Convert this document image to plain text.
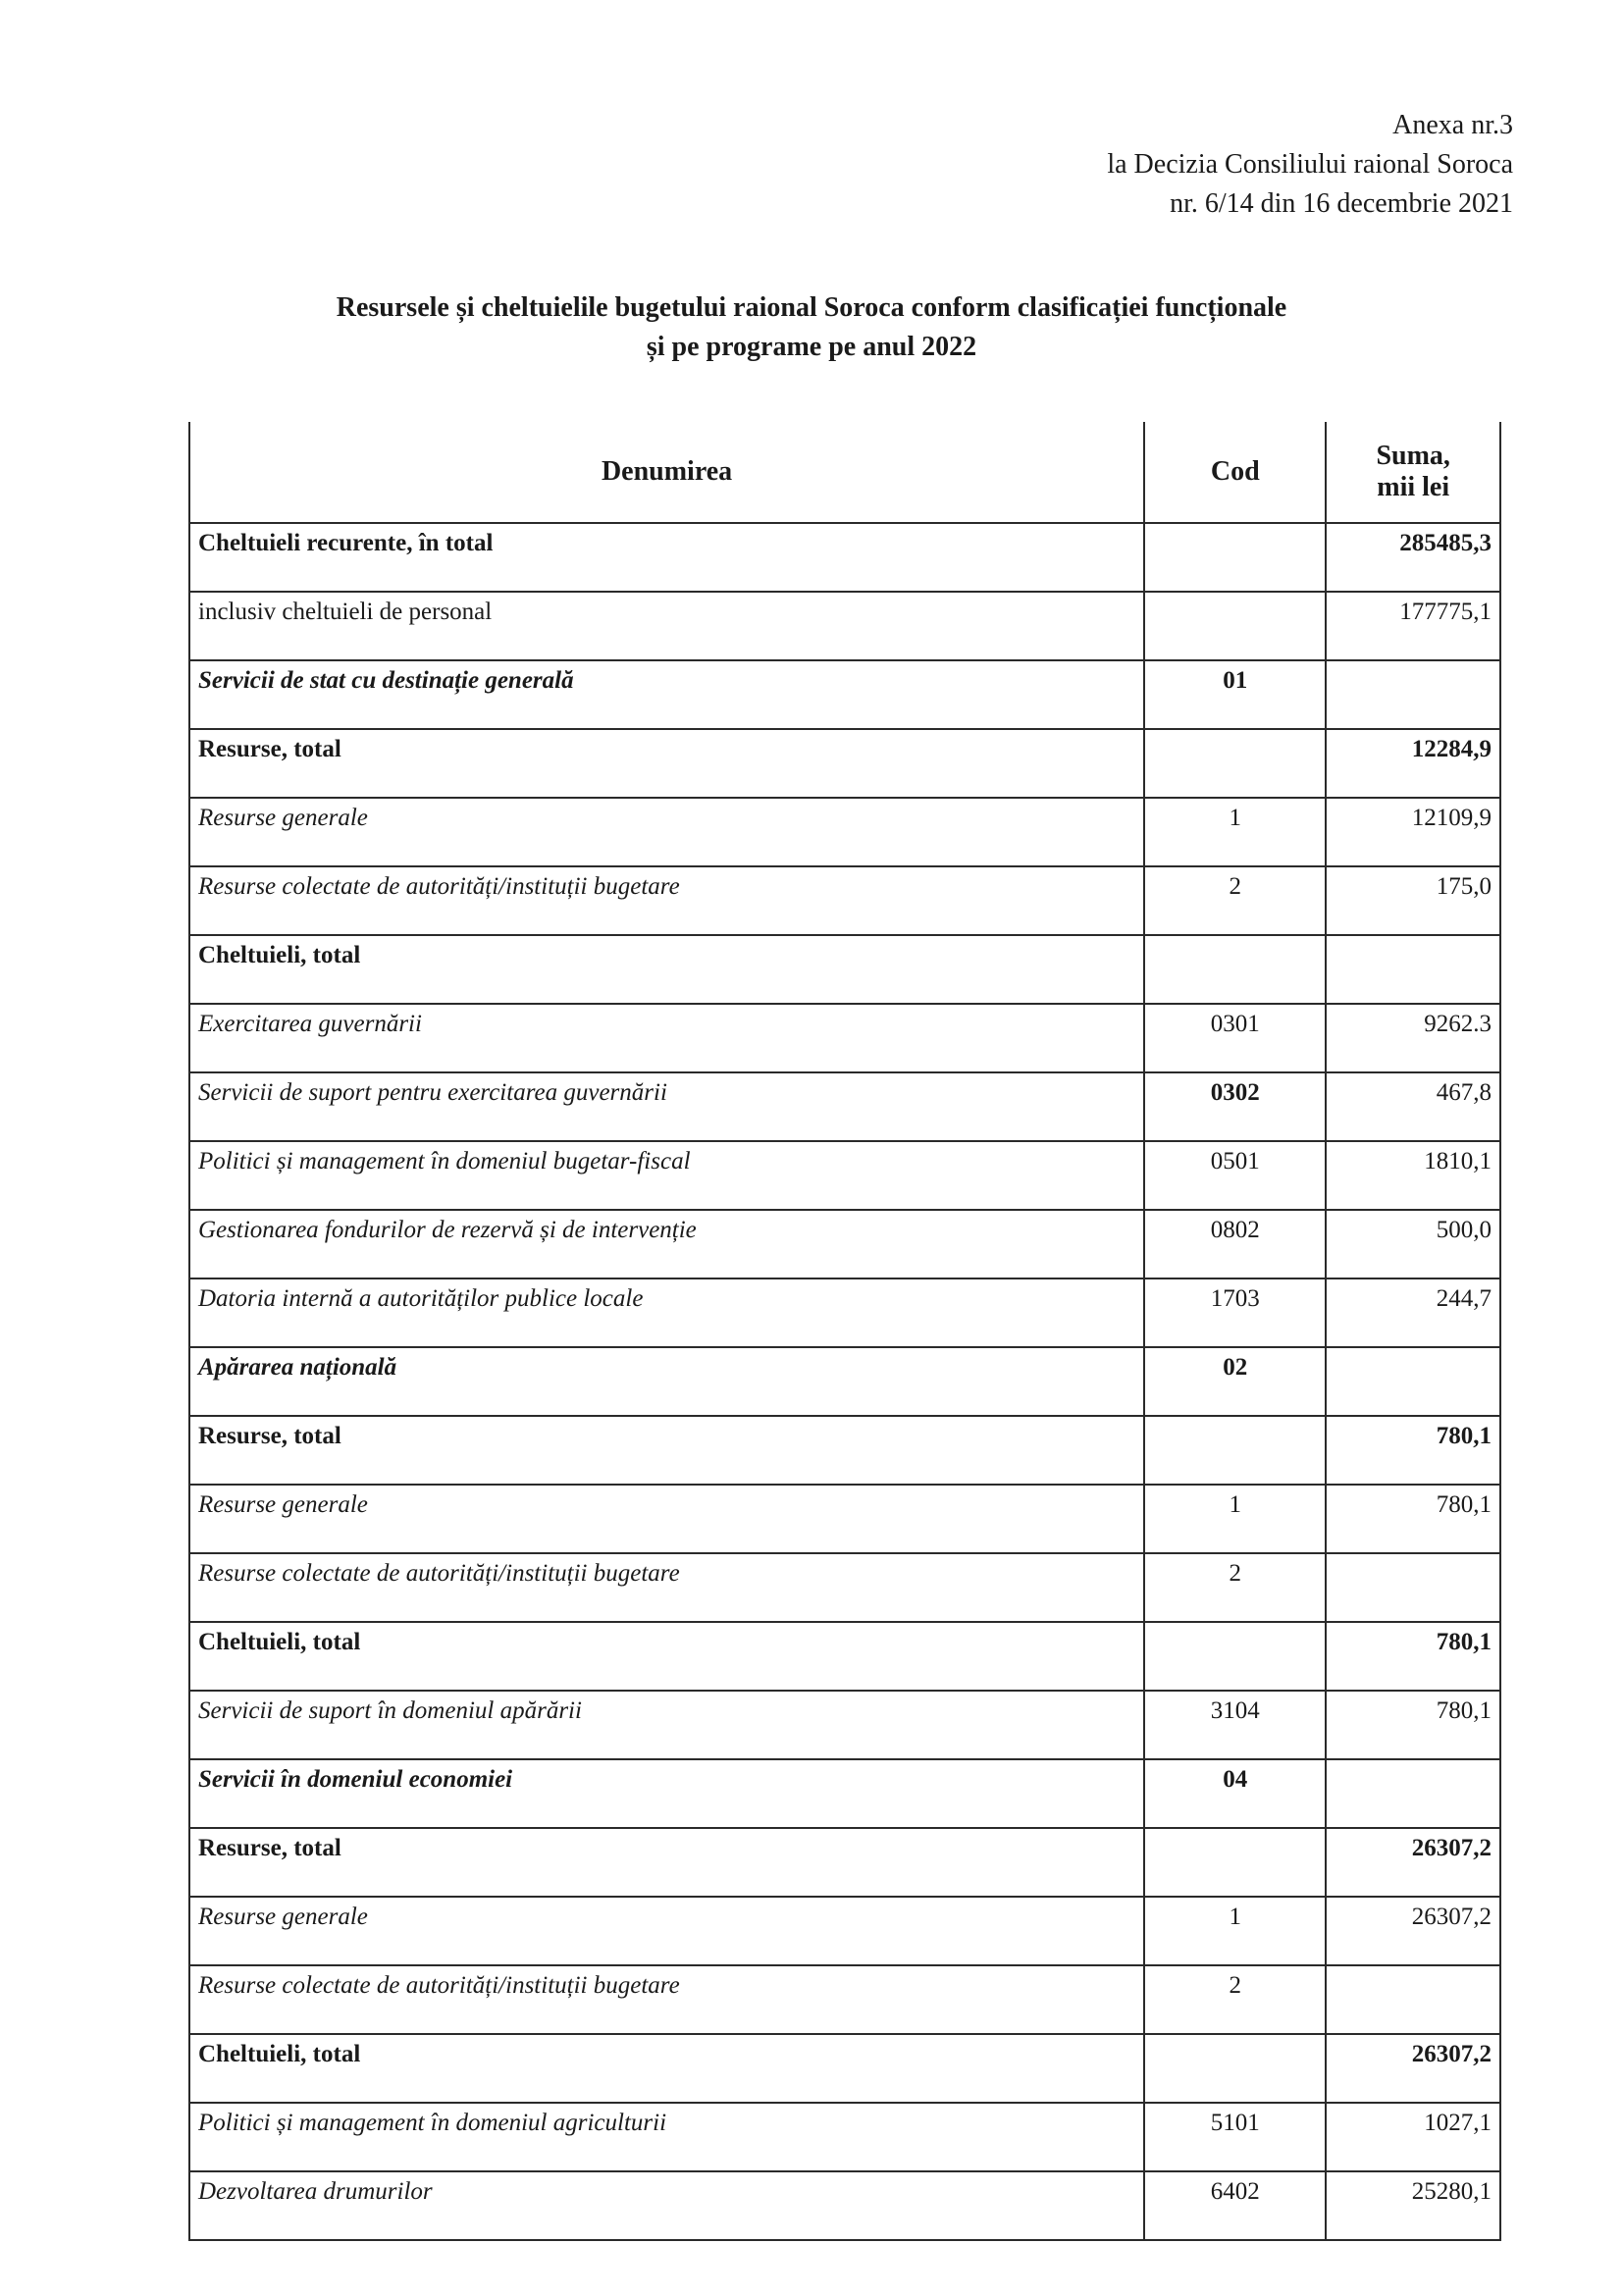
Anexa nr.3
la Decizia Consiliului raional Soroca
nr. 6/14 din 16 decembrie 2021
Resursele și cheltuielile bugetului raional Soroca conform clasificației funcționale
și pe programe pe anul 2022
Denumirea	Cod	Suma,
mii lei

Cheltuieli recurente, în total		285485,3
inclusiv cheltuieli de personal		177775,1
Servicii de stat cu destinație generală	01	
Resurse, total		12284,9
Resurse generale	1	12109,9
Resurse colectate de autorități/instituții bugetare	2	175,0
Cheltuieli, total		
Exercitarea guvernării	0301	9262.3
Servicii de suport pentru exercitarea guvernării	0302	467,8
Politici și management în domeniul bugetar-fiscal	0501	1810,1
Gestionarea fondurilor de rezervă și de intervenție	0802	500,0
Datoria internă a autorităților publice locale	1703	244,7
Apărarea națională	02	
Resurse, total		780,1
Resurse generale	1	780,1
Resurse colectate de autorități/instituții bugetare	2	
Cheltuieli, total		780,1
Servicii de suport în domeniul apărării	3104	780,1
Servicii în domeniul economiei	04	
Resurse, total		26307,2
Resurse generale	1	26307,2
Resurse colectate de autorități/instituții bugetare	2	
Cheltuieli, total		26307,2
Politici și management în domeniul agriculturii	5101	1027,1
Dezvoltarea drumurilor	6402	25280,1
